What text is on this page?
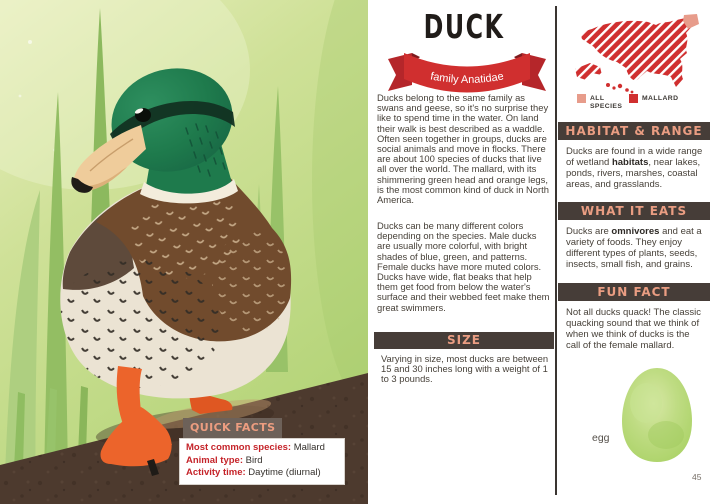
QUICK FACTS
Most common species: Mallard
Animal type: Bird
Activity time: Daytime (diurnal)
DUCK
family Anatidae

Ducks belong to the same family as swans and geese, so it's no surprise they like to spend time in the water. On land their walk is best described as a waddle. Often seen together in groups, ducks are social animals and move in flocks. There are about 100 species of ducks that live all over the world. The mallard, with its shimmering green head and orange legs, is the most common kind of duck in North America.

Ducks can be many different colors depending on the species. Male ducks are usually more colorful, with bright shades of blue, green, and patterns. Female ducks have more muted colors. Ducks have wide, flat beaks that help them get food from below the water's surface and their webbed feet make them great swimmers.

SIZE

Varying in size, most ducks are between 15 and 30 inches long with a weight of 1 to 3 pounds.

ALL SPECIES
MALLARD
HABITAT & RANGE

Ducks are found in a wide range of wetland habitats, near lakes, ponds, rivers, marshes, coastal areas, and grasslands.

WHAT IT EATS

Ducks are omnivores and eat a variety of foods. They enjoy different types of plants, seeds, insects, small fish, and grains.

FUN FACT

Not all ducks quack! The classic quacking sound that we think of when we think of ducks is the call of the female mallard.

egg
45
